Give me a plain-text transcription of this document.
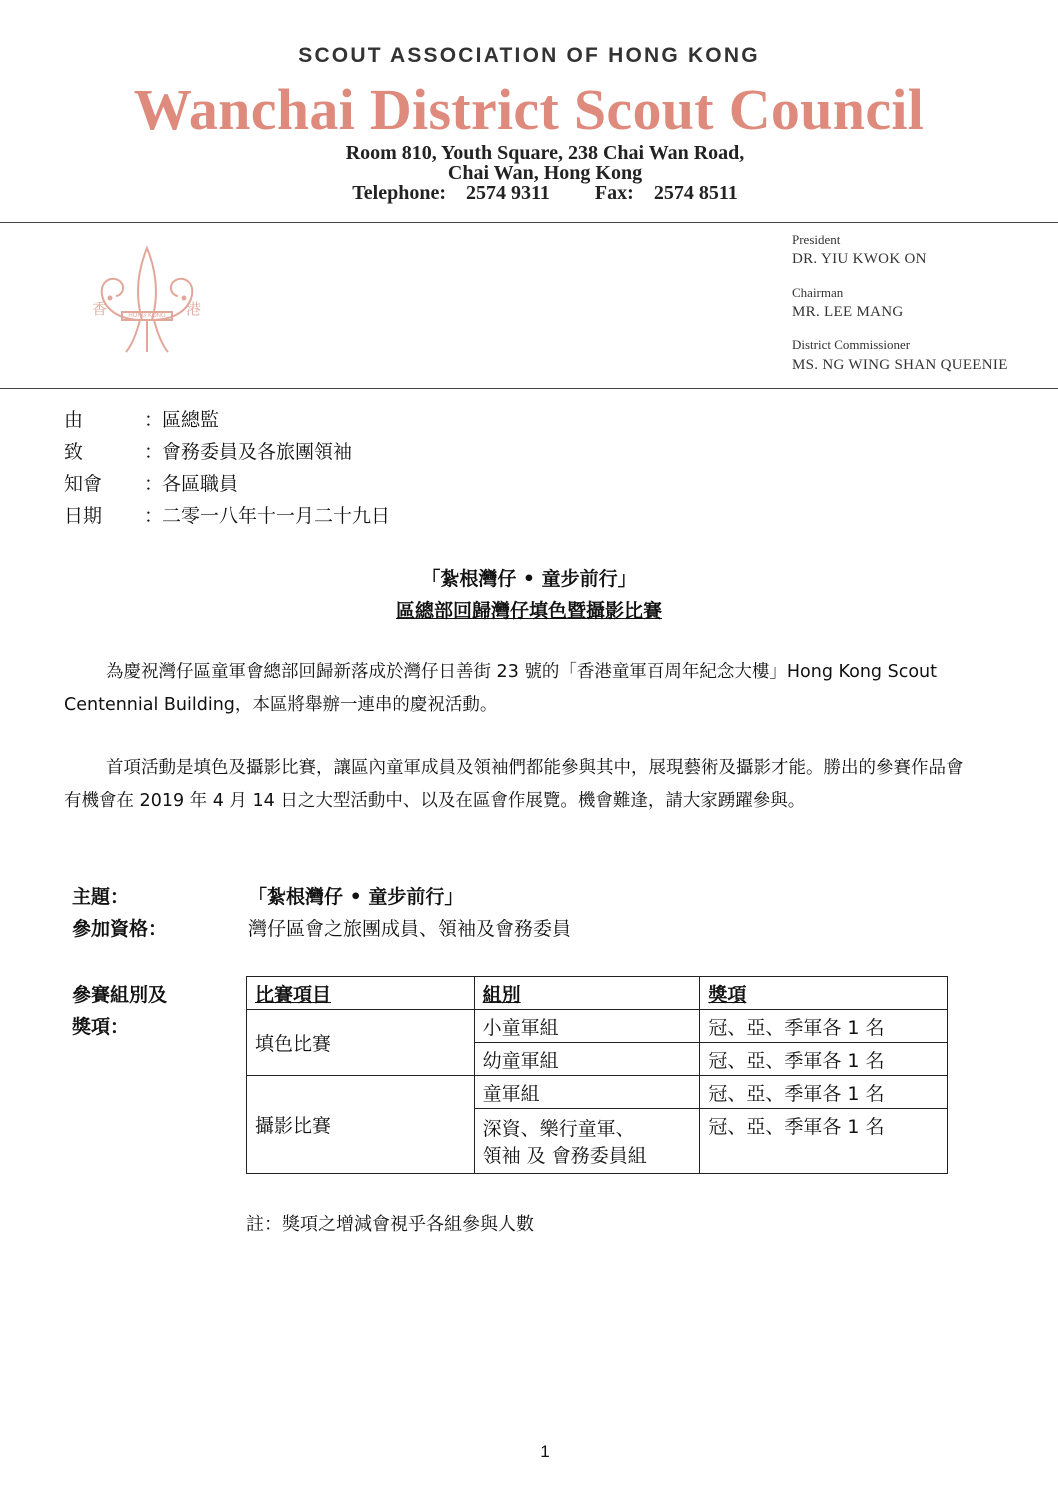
SCOUT ASSOCIATION OF HONG KONG
Wanchai District Scout Council
Room 810, Youth Square, 238 Chai Wan Road,
Chai Wan, Hong Kong
Telephone: 2574 9311 Fax: 2574 8511
香	港
HONG KONG
President
DR. YIU KWOK ON
Chairman
MR. LEE MANG
District Commissioner
MS. NG WING SHAN QUEENIE
由	：
區總監
致	：
會務委員及各旅團領袖
知會 ：
各區職員
日期 ：
二零一八年十一月二十九日
「紮根灣仔 • 童步前行」
區總部回歸灣仔填色暨攝影比賽
為慶祝灣仔區童軍會總部回歸新落成於灣仔日善街 23 號的「香港童軍百周年紀念大樓」Hong Kong Scout Centennial Building，本區將舉辦一連串的慶祝活動。
首項活動是填色及攝影比賽，讓區內童軍成員及領袖們都能參與其中，展現藝術及攝影才能。勝出的參賽作品會有機會在 2019 年 4 月 14 日之大型活動中、以及在區會作展覽。機會難逢，請大家踴躍參與。
主題：	「紮根灣仔 • 童步前行」
參加資格：	灣仔區會之旅團成員、領袖及會務委員
參賽組別及
獎項：
比賽項目	組別	獎項
填色比賽	小童軍組	冠、亞、季軍各 1 名
	幼童軍組	冠、亞、季軍各 1 名
攝影比賽	童軍組	冠、亞、季軍各 1 名

	深資、樂行童軍、
領袖 及 會務委員組	冠、亞、季軍各 1 名
註：獎項之增減會視乎各組參與人數
1
